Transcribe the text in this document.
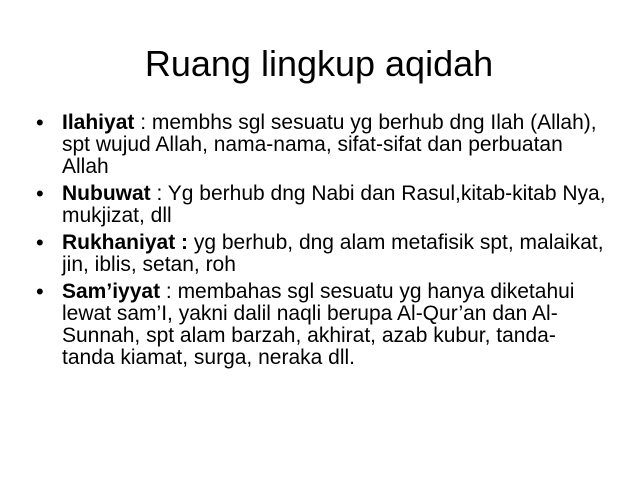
Ruang lingkup aqidah
• Ilahiyat : membhs sgl sesuatu yg berhub dng Ilah (Allah), spt wujud Allah, nama-nama, sifat-sifat dan perbuatan Allah
• Nubuwat : Yg berhub dng Nabi dan Rasul,kitab-kitab Nya, mukjizat, dll
• Rukhaniyat : yg berhub, dng alam metafisik spt, malaikat, jin, iblis, setan, roh
• Sam’iyyat : membahas sgl sesuatu yg hanya diketahui lewat sam’I, yakni dalil naqli berupa Al-Qur’an dan Al-Sunnah, spt alam barzah, akhirat, azab kubur, tanda-tanda kiamat, surga, neraka dll.
